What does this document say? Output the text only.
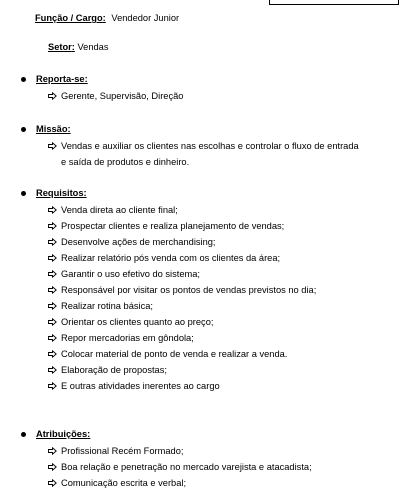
Função / Cargo: Vendedor Junior
Setor: Vendas
Reporta-se:
Gerente, Supervisão, Direção
Missão:
Vendas e auxiliar os clientes nas escolhas e controlar o fluxo de entrada e saída de produtos e dinheiro.
Requisitos:
Venda direta ao cliente final;
Prospectar clientes e realiza planejamento de vendas;
Desenvolve ações de merchandising;
Realizar relatório pós venda com os clientes da área;
Garantir o uso efetivo do sistema;
Responsável por visitar os pontos de vendas previstos no dia;
Realizar rotina básica;
Orientar os clientes quanto ao preço;
Repor mercadorias em gôndola;
Colocar material de ponto de venda e realizar a venda.
Elaboração de propostas;
E outras atividades inerentes ao cargo
Atribuições:
Profissional Recém Formado;
Boa relação e penetração no mercado varejista e atacadista;
Comunicação escrita e verbal;
